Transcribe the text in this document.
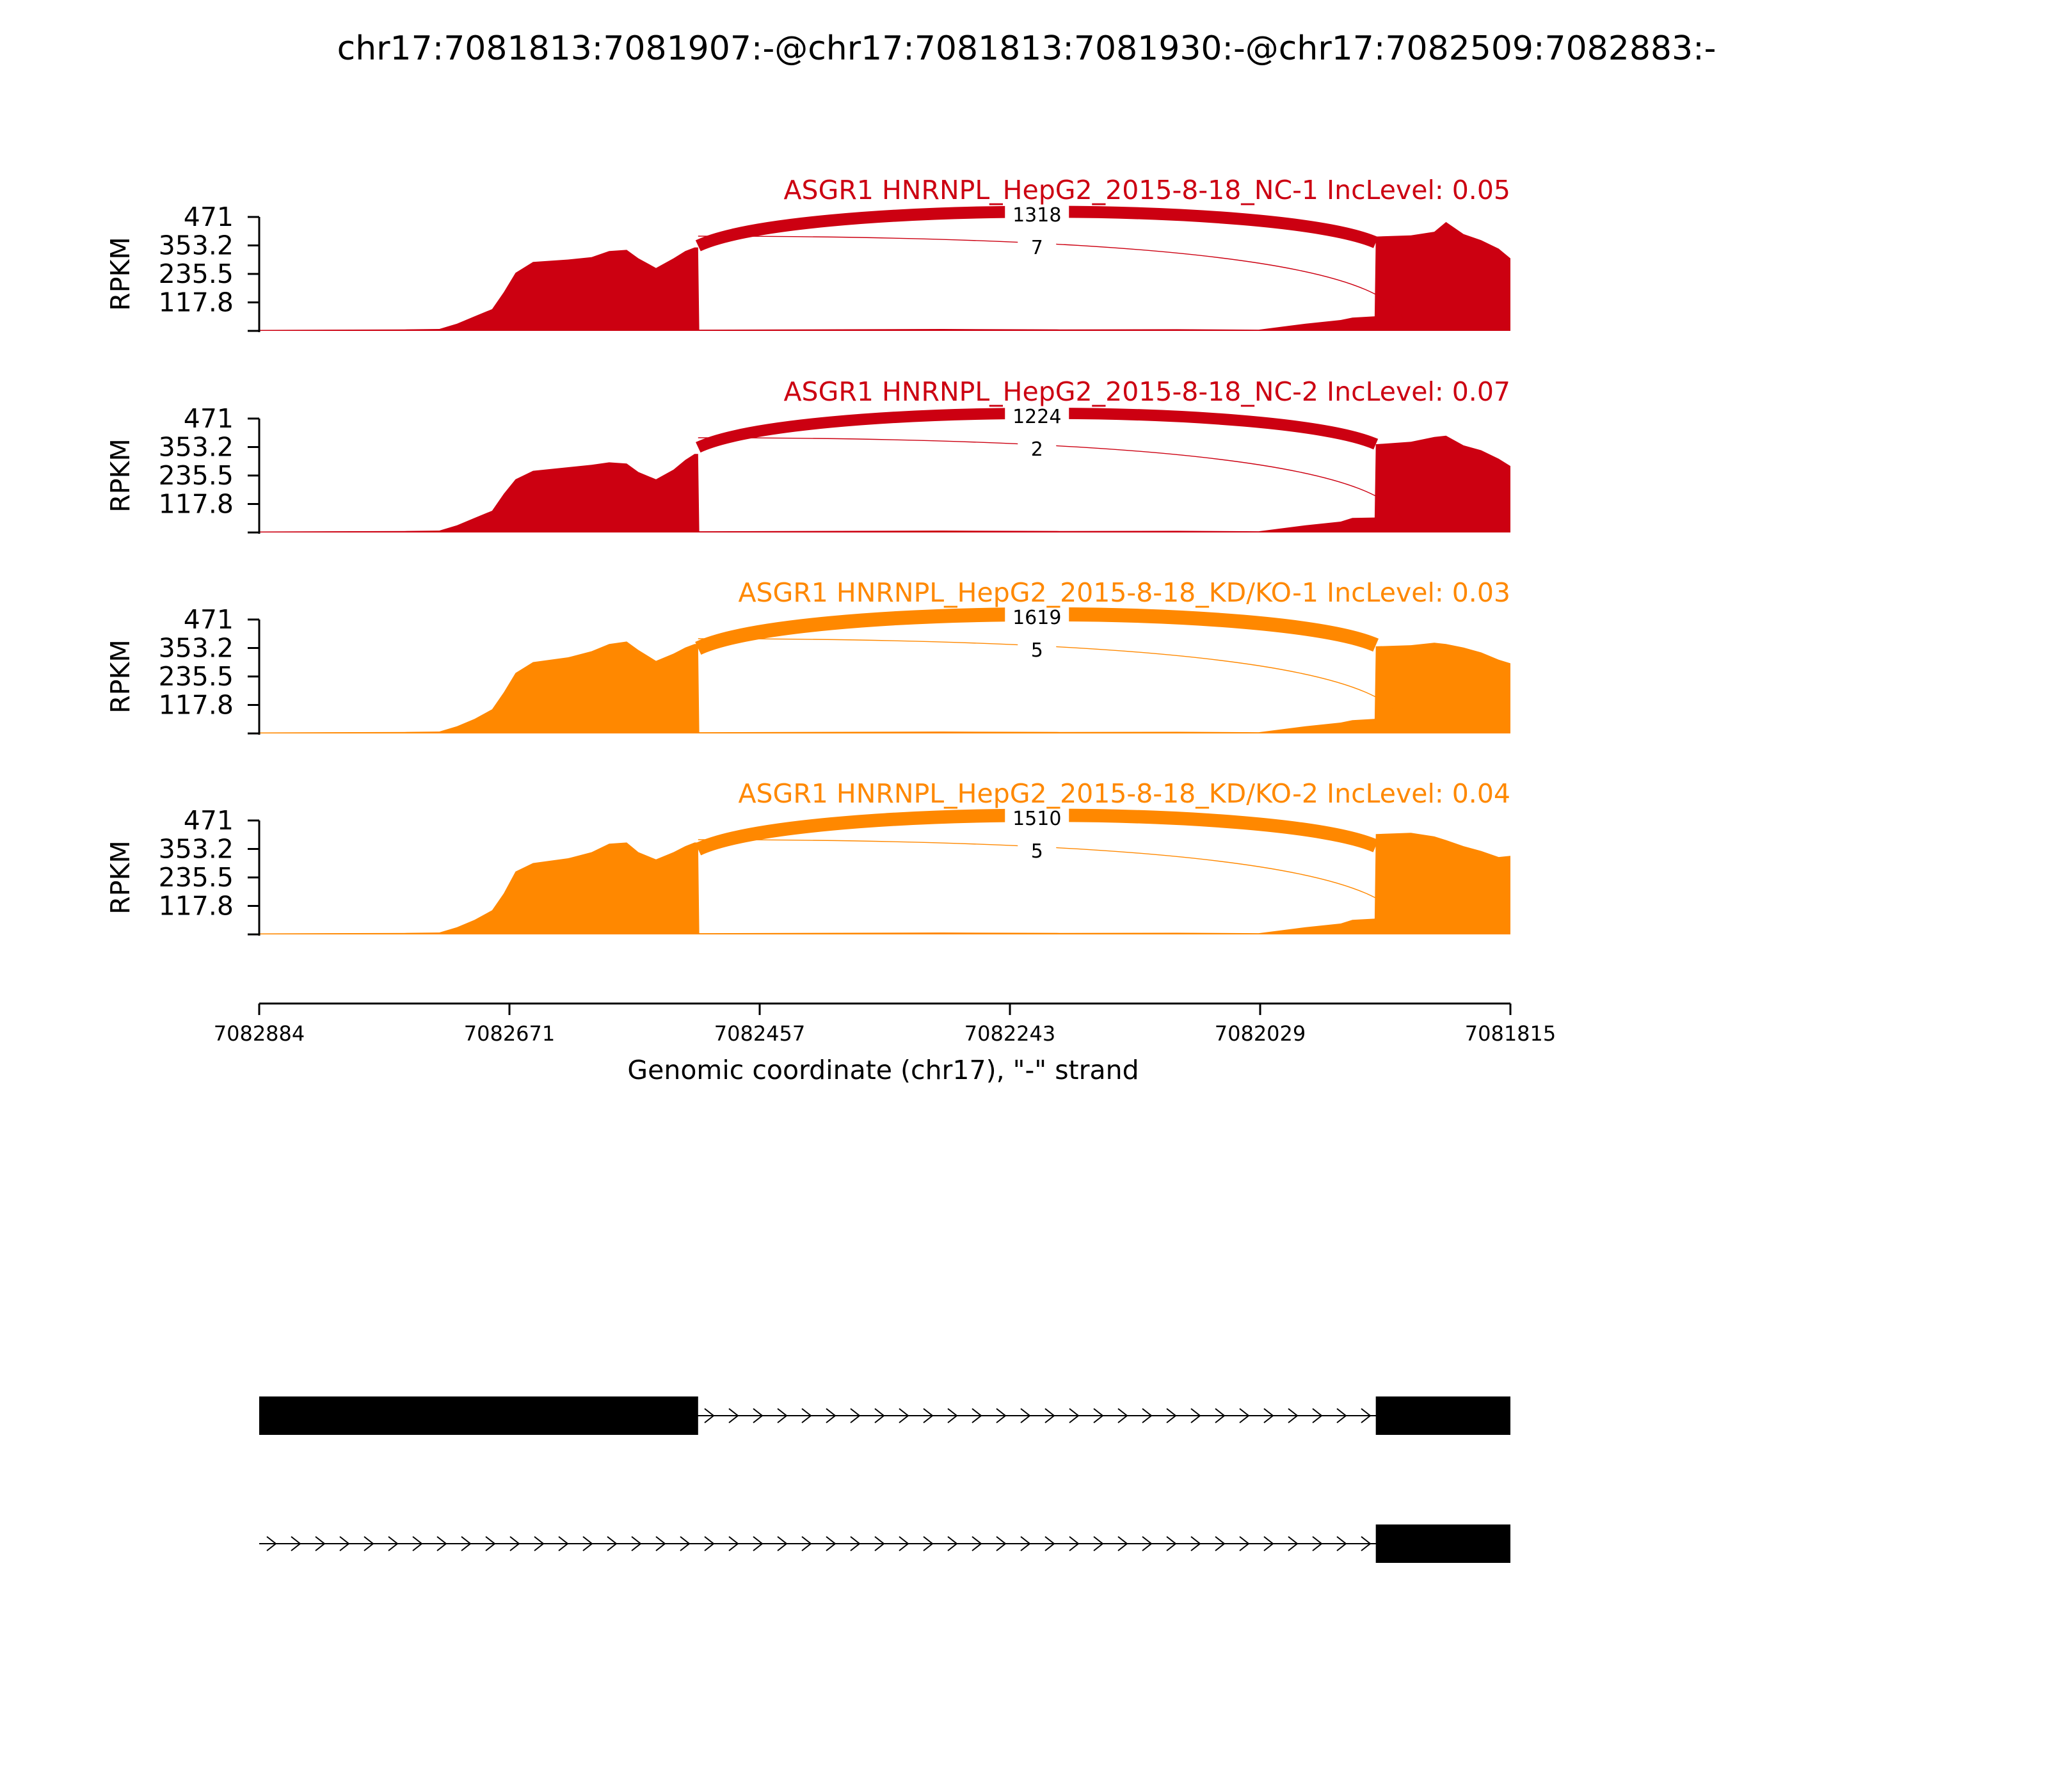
chr17:7081813:7081907:-@chr17:7081813:7081930:-@chr17:7082509:7082883:-
471
353.2
235.5
117.8
RPKM
1318
7
ASGR1 HNRNPL_HepG2_2015-8-18_NC-1 IncLevel: 0.05
471
353.2
235.5
117.8
RPKM
1224
2
ASGR1 HNRNPL_HepG2_2015-8-18_NC-2 IncLevel: 0.07
471
353.2
235.5
117.8
RPKM
1619
5
ASGR1 HNRNPL_HepG2_2015-8-18_KD/KO-1 IncLevel: 0.03
471
353.2
235.5
117.8
RPKM
1510
5
ASGR1 HNRNPL_HepG2_2015-8-18_KD/KO-2 IncLevel: 0.04
7082884	7082671	7082457	7082243	7082029	7081815
Genomic coordinate (chr17), "-" strand
